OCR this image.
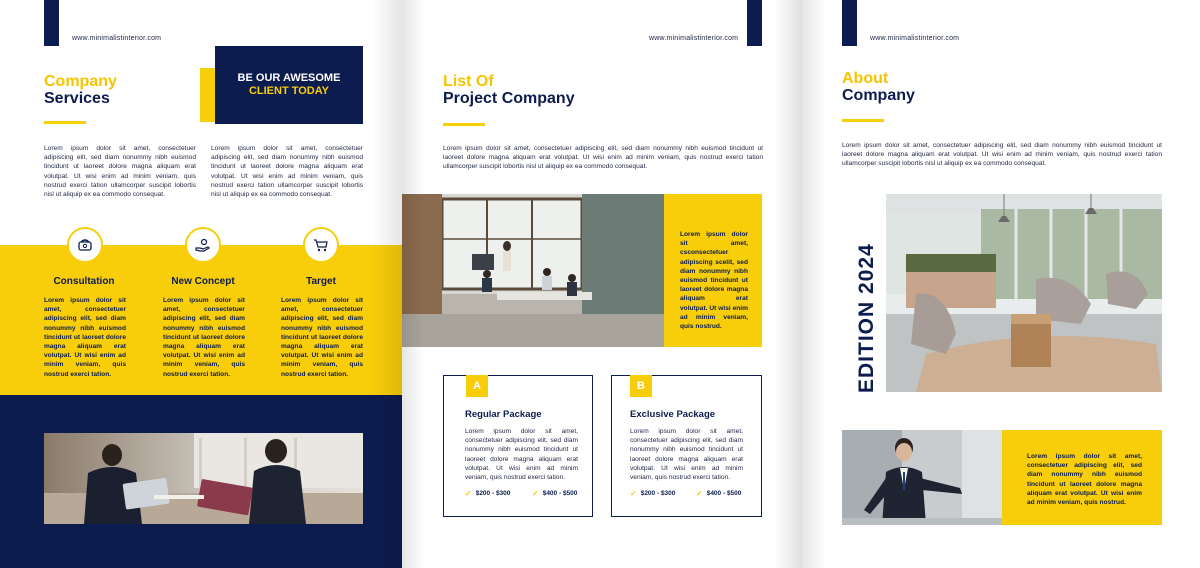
www.minimalistinterior.com
Company
Services
BE OUR AWESOME
CLIENT TODAY
Lorem ipsum dolor sit amet, consectetuer adipiscing elit, sed diam nonummy nibh euismod tincidunt ut laoreet dolore magna aliquam erat volutpat. Ut wisi enim ad minim veniam, quis nostrud exerci tation ullamcorper suscipit lobortis nisl ut aliquip ex ea commodo consequat.
Lorem ipsum dolor sit amet, consectetuer adipiscing elit, sed diam nonummy nibh euismod tincidunt ut laoreet dolore magna aliquam erat volutpat. Ut wisi enim ad minim veniam, quis nostrud exerci tation ullamcorper suscipit lobortis nisl ut aliquip ex ea commodo consequat.
Consultation	New Concept	Target
Lorem ipsum dolor sit amet, consectetuer adipiscing elit, sed diam nonummy nibh euismod tincidunt ut laoreet dolore magna aliquam erat volutpat. Ut wisi enim ad minim veniam, quis nostrud exerci tation.
Lorem ipsum dolor sit amet, consectetuer adipiscing elit, sed diam nonummy nibh euismod tincidunt ut laoreet dolore magna aliquam erat volutpat. Ut wisi enim ad minim veniam, quis nostrud exerci tation.
Lorem ipsum dolor sit amet, consectetuer adipiscing elit, sed diam nonummy nibh euismod tincidunt ut laoreet dolore magna aliquam erat volutpat. Ut wisi enim ad minim veniam, quis nostrud exerci tation.
www.minimalistinterior.com
List Of
Project Company
Lorem ipsum dolor sit amet, consectetuer adipiscing elit, sed diam nonummy nibh euismod tincidunt ut laoreet dolore magna aliquam erat volutpat. Ut wisi enim ad minim veniam, quis nostrud exerci tation ullamcorper suscipit lobortis nisl ut aliquip ex ea commodo consequat.
Lorem ipsum dolor sit amet, csconsectetuer adipiscing scelit, sed diam nonummy nibh euismod tincidunt ut laoreet dolore magna aliquam erat volutpat. Ut wisi enim ad minim veniam, quis nostrud.
A
Regular Package
Lorem ipsum dolor sit amet, consectetuer adipiscing elit, sed diam nonummy nibh euismod tincidunt ut laoreet dolore magna aliquam erat volutpat. Ut wisi enim ad minim veniam, quis nostrud exerci tation.
✓ $200 - $300	✓ $400 - $500
B
Exclusive Package
Lorem ipsum dolor sit amet, consectetuer adipiscing elit, sed diam nonummy nibh euismod tincidunt ut laoreet dolore magna aliquam erat volutpat. Ut wisi enim ad minim veniam, quis nostrud exerci tation.
✓ $200 - $300	✓ $400 - $500
www.minimalistinterior.com
About
Company
Lorem ipsum dolor sit amet, consectetuer adipiscing elit, sed diam nonummy nibh euismod tincidunt ut laoreet dolore magna aliquam erat volutpat. Ut wisi enim ad minim veniam, quis nostrud exerci tation ullamcorper suscipit lobortis nisl ut aliquip ex ea commodo consequat.
EDITION 2024
Lorem ipsum dolor sit amet, consectetuer adipiscing elit, sed diam nonummy nibh euismod tincidunt ut laoreet dolore magna aliquam erat volutpat. Ut wisi enim ad minim veniam, quis nostrud.
